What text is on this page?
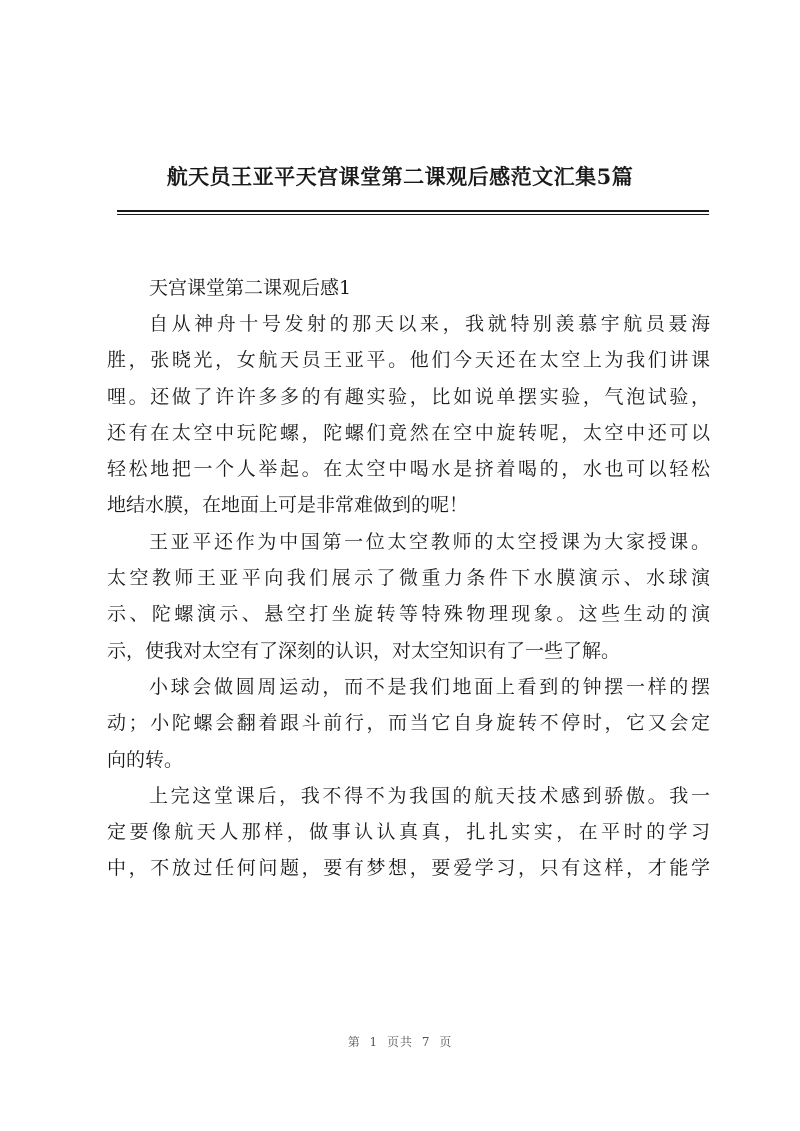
航天员王亚平天宫课堂第二课观后感范文汇集5篇
天宫课堂第二课观后感1

自从神舟十号发射的那天以来，我就特别羡慕宇航员聂海
胜，张晓光，女航天员王亚平。他们今天还在太空上为我们讲课
哩。还做了许许多多的有趣实验，比如说单摆实验，气泡试验，
还有在太空中玩陀螺，陀螺们竟然在空中旋转呢，太空中还可以
轻松地把一个人举起。在太空中喝水是挤着喝的，水也可以轻松
地结水膜，在地面上可是非常难做到的呢！

王亚平还作为中国第一位太空教师的太空授课为大家授课。
太空教师王亚平向我们展示了微重力条件下水膜演示、水球演
示、陀螺演示、悬空打坐旋转等特殊物理现象。这些生动的演
示，使我对太空有了深刻的认识，对太空知识有了一些了解。

小球会做圆周运动，而不是我们地面上看到的钟摆一样的摆
动；小陀螺会翻着跟斗前行，而当它自身旋转不停时，它又会定
向的转。

上完这堂课后，我不得不为我国的航天技术感到骄傲。我一
定要像航天人那样，做事认认真真，扎扎实实，在平时的学习
中，不放过任何问题，要有梦想，要爱学习，只有这样，才能学

第 1 页共 7 页
